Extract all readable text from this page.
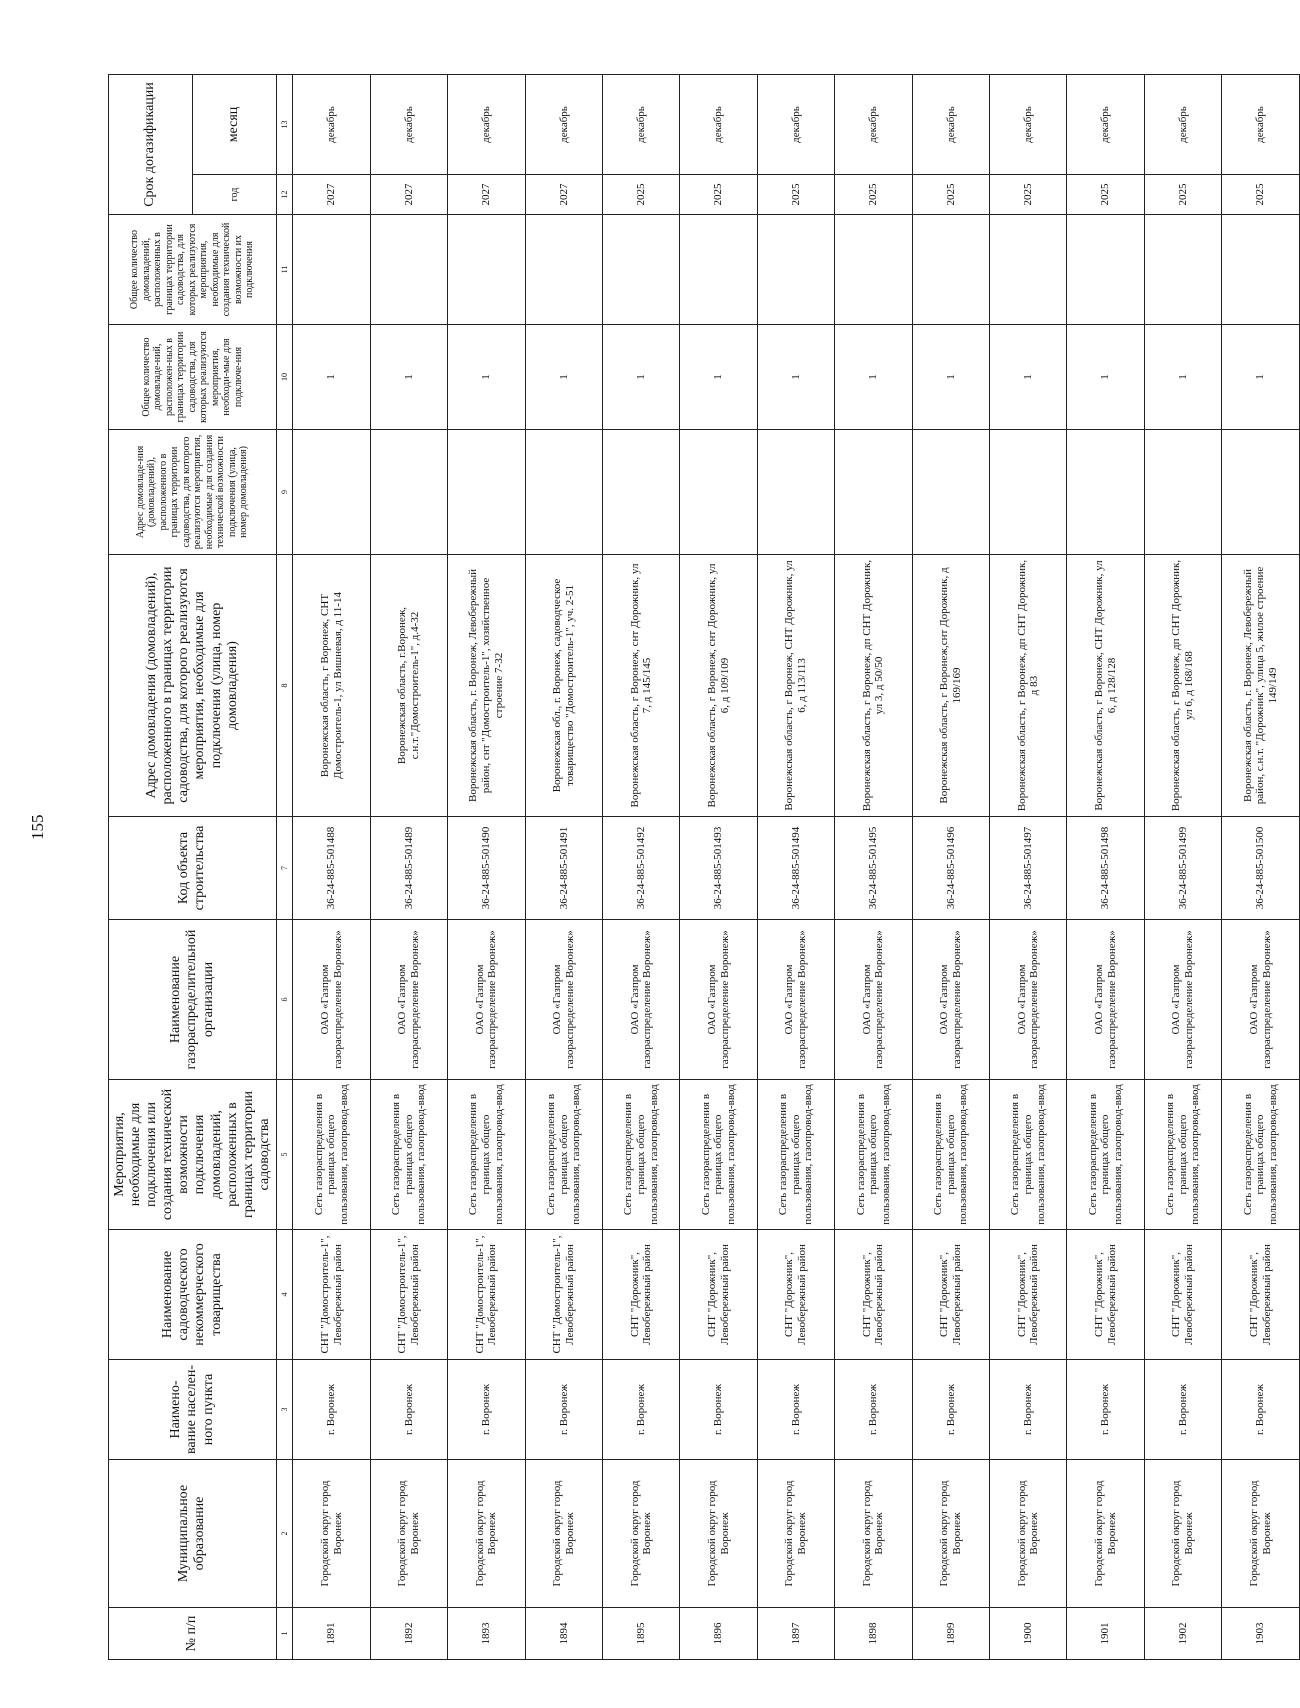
155
№ п/п	Муниципальное образование	Наимено-вание населен-ного пункта	Наименование садоводческого некоммерческого товарищества	Мероприятия, необходимые для подключения или создания технической возможности подключения домовладений, расположенных в границах территории садоводства	Наименование газораспределительной организации	Код объекта строительства	Адрес домовладения (домовладений), расположенного в границах территории садоводства, для которого реализуются мероприятия, необходимые для подключения (улица, номер домовладения)	Адрес домовладе-ния (домовладений), расположенного в границах территории садоводства, для которого реализуются мероприятия, необходимые для создания технической возможности подключения (улица, номер домовладения)	Общее количество домовладе-ний, расположен-ных в границах территории садоводства, для которых реализуются мероприятия, необходи-мые для подключе-ния	Общее количество домовладений, расположенных в границах территории садоводства, для которых реализуются мероприятия, необходимые для создания технической возможности их подключения	Срок догазификации	
											год	месяц
1	2	3	4	5	6	7	8	9	10	11	12	13
1891	Городской округ город Воронеж	г. Воронеж	СНТ "Домостроитель-1", Левобережный район	Сеть газораспределения в границах общего пользования, газопровод-ввод	ОАО «Газпром газораспределение Воронеж»	36-24-885-501488	Воронежская область, г Воронеж, СНТ Домостроитель-1, ул Вишневая, д 11-14		1		2027	декабрь
1892	Городской округ город Воронеж	г. Воронеж	СНТ "Домостроитель-1", Левобережный район	Сеть газораспределения в границах общего пользования, газопровод-ввод	ОАО «Газпром газораспределение Воронеж»	36-24-885-501489	Воронежская область, г.Воронеж, с.н.т."Домостроитель-1", д.4-32		1		2027	декабрь
1893	Городской округ город Воронеж	г. Воронеж	СНТ "Домостроитель-1", Левобережный район	Сеть газораспределения в границах общего пользования, газопровод-ввод	ОАО «Газпром газораспределение Воронеж»	36-24-885-501490	Воронежская область, г. Воронеж, Левобережный район, снт "Домостроитель-1", хозяйственное строение 7-32		1		2027	декабрь
1894	Городской округ город Воронеж	г. Воронеж	СНТ "Домостроитель-1", Левобережный район	Сеть газораспределения в границах общего пользования, газопровод-ввод	ОАО «Газпром газораспределение Воронеж»	36-24-885-501491	Воронежская обл., г. Воронеж, садоводческое товарищество "Домостроитель-1", уч. 2-51		1		2027	декабрь
1895	Городской округ город Воронеж	г. Воронеж	СНТ "Дорожник", Левобережный район	Сеть газораспределения в границах общего пользования, газопровод-ввод	ОАО «Газпром газораспределение Воронеж»	36-24-885-501492	Воронежская область, г Воронеж, снт Дорожник, ул 7, д 145/145		1		2025	декабрь
1896	Городской округ город Воронеж	г. Воронеж	СНТ "Дорожник", Левобережный район	Сеть газораспределения в границах общего пользования, газопровод-ввод	ОАО «Газпром газораспределение Воронеж»	36-24-885-501493	Воронежская область, г Воронеж, снт Дорожник, ул 6, д 109/109		1		2025	декабрь
1897	Городской округ город Воронеж	г. Воронеж	СНТ "Дорожник", Левобережный район	Сеть газораспределения в границах общего пользования, газопровод-ввод	ОАО «Газпром газораспределение Воронеж»	36-24-885-501494	Воронежская область, г Воронеж, СНТ Дорожник, ул 6, д 113/113		1		2025	декабрь
1898	Городской округ город Воронеж	г. Воронеж	СНТ "Дорожник", Левобережный район	Сеть газораспределения в границах общего пользования, газопровод-ввод	ОАО «Газпром газораспределение Воронеж»	36-24-885-501495	Воронежская область, г Воронеж, дп СНТ Дорожник, ул 3, д 50/50		1		2025	декабрь
1899	Городской округ город Воронеж	г. Воронеж	СНТ "Дорожник", Левобережный район	Сеть газораспределения в границах общего пользования, газопровод-ввод	ОАО «Газпром газораспределение Воронеж»	36-24-885-501496	Воронежская область, г Воронеж,снт Дорожник, д 169/169		1		2025	декабрь
1900	Городской округ город Воронеж	г. Воронеж	СНТ "Дорожник", Левобережный район	Сеть газораспределения в границах общего пользования, газопровод-ввод	ОАО «Газпром газораспределение Воронеж»	36-24-885-501497	Воронежская область, г Воронеж, дп СНТ Дорожник, д 83		1		2025	декабрь
1901	Городской округ город Воронеж	г. Воронеж	СНТ "Дорожник", Левобережный район	Сеть газораспределения в границах общего пользования, газопровод-ввод	ОАО «Газпром газораспределение Воронеж»	36-24-885-501498	Воронежская область, г Воронеж, СНТ Дорожник, ул 6, д 128/128		1		2025	декабрь
1902	Городской округ город Воронеж	г. Воронеж	СНТ "Дорожник", Левобережный район	Сеть газораспределения в границах общего пользования, газопровод-ввод	ОАО «Газпром газораспределение Воронеж»	36-24-885-501499	Воронежская область, г Воронеж, дп СНТ Дорожник, ул 6, д 168/168		1		2025	декабрь
1903	Городской округ город Воронеж	г. Воронеж	СНТ "Дорожник", Левобережный район	Сеть газораспределения в границах общего пользования, газопровод-ввод	ОАО «Газпром газораспределение Воронеж»	36-24-885-501500	Воронежская область, г. Воронеж, Левобережный район, с.н.т. "Дорожник", улица 5, жилое строение 149/149		1		2025	декабрь
